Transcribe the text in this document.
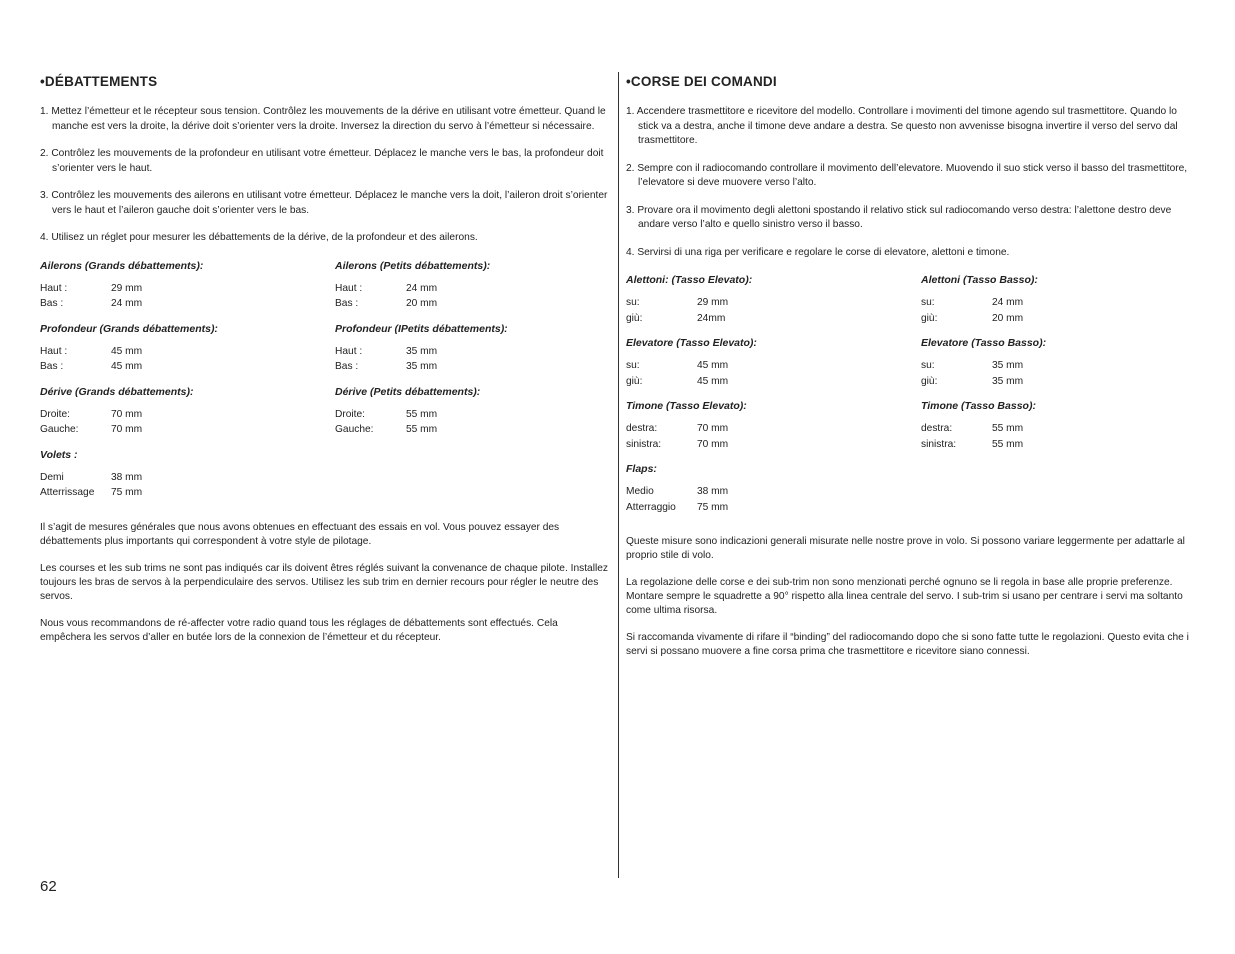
•DÉBATTEMENTS
1. Mettez l’émetteur et le récepteur sous tension. Contrôlez les mouvements de la dérive en utilisant votre émetteur. Quand le manche est vers la droite, la dérive doit s’orienter vers la droite. Inversez la direction du servo à l’émetteur si nécessaire.
2. Contrôlez les mouvements de la profondeur en utilisant votre émetteur. Déplacez le manche vers le bas, la profondeur doit s’orienter vers le haut.
3. Contrôlez les mouvements des ailerons en utilisant votre émetteur. Déplacez le manche vers la doit, l’aileron droit s’orienter vers le haut et l’aileron gauche doit s’orienter vers le bas.
4. Utilisez un réglet pour mesurer les débattements de la dérive, de la profondeur et des ailerons.
Ailerons (Grands débattements):
Haut :	29 mm
Bas :	24 mm
Ailerons (Petits débattements):
Haut :	24 mm
Bas :	20 mm
Profondeur (Grands débattements):
Haut :	45 mm
Bas :	45 mm
Profondeur (IPetits débattements):
Haut :	35 mm
Bas :	35 mm
Dérive (Grands débattements):
Droite:	70 mm
Gauche:	70 mm
Dérive (Petits débattements):
Droite:	55 mm
Gauche:	55 mm
Volets :
Demi	38 mm
Atterrissage	75 mm
Il s’agit de mesures générales que nous avons obtenues en effectuant des essais en vol. Vous pouvez essayer des débattements plus importants qui correspondent à votre style de pilotage.
Les courses et les sub trims ne sont pas indiqués car ils doivent êtres réglés suivant la convenance de chaque pilote. Installez toujours les bras de servos à la perpendiculaire des servos. Utilisez les sub trim en dernier recours pour régler le neutre des servos.
Nous vous recommandons de ré-affecter votre radio quand tous les réglages de débattements sont effectués. Cela empêchera les servos d’aller en butée lors de la connexion de l’émetteur et du récepteur.
•CORSE DEI COMANDI
1. Accendere trasmettitore e ricevitore del modello. Controllare i movimenti del timone agendo sul trasmettitore. Quando lo stick va a destra, anche il timone deve andare a destra. Se questo non avvenisse bisogna invertire il verso del servo dal trasmettitore.
2. Sempre con il radiocomando controllare il movimento dell’elevatore. Muovendo il suo stick verso il basso del trasmettitore, l’elevatore si deve muovere verso l’alto.
3. Provare ora il movimento degli alettoni spostando il relativo stick sul radiocomando verso destra: l’alettone destro deve andare verso l’alto e quello sinistro verso il basso.
4. Servirsi di una riga per verificare e regolare le corse di elevatore, alettoni e timone.
Alettoni: (Tasso Elevato):
su:	29 mm
giù:	24mm
Alettoni (Tasso Basso):
su:	24 mm
giù:	20 mm
Elevatore (Tasso Elevato):
su:	45 mm
giù:	45 mm
Elevatore (Tasso Basso):
su:	35 mm
giù:	35 mm
Timone (Tasso Elevato):
destra:	70 mm
sinistra:	70 mm
Timone (Tasso Basso):
destra:	55 mm
sinistra:	55 mm
Flaps:
Medio	38 mm
Atterraggio	75 mm
Queste misure sono indicazioni generali misurate nelle nostre prove in volo. Si possono variare leggermente per adattarle al proprio stile di volo.
La regolazione delle corse e dei sub-trim non sono menzionati perché ognuno se li regola in base alle proprie preferenze. Montare sempre le squadrette a 90° rispetto alla linea centrale del servo. I sub-trim si usano per centrare i servi ma soltanto come ultima risorsa.
Si raccomanda vivamente di rifare il “binding” del radiocomando dopo che si sono fatte tutte le regolazioni. Questo evita che i servi si possano muovere a fine corsa prima che trasmettitore e ricevitore siano connessi.
62
